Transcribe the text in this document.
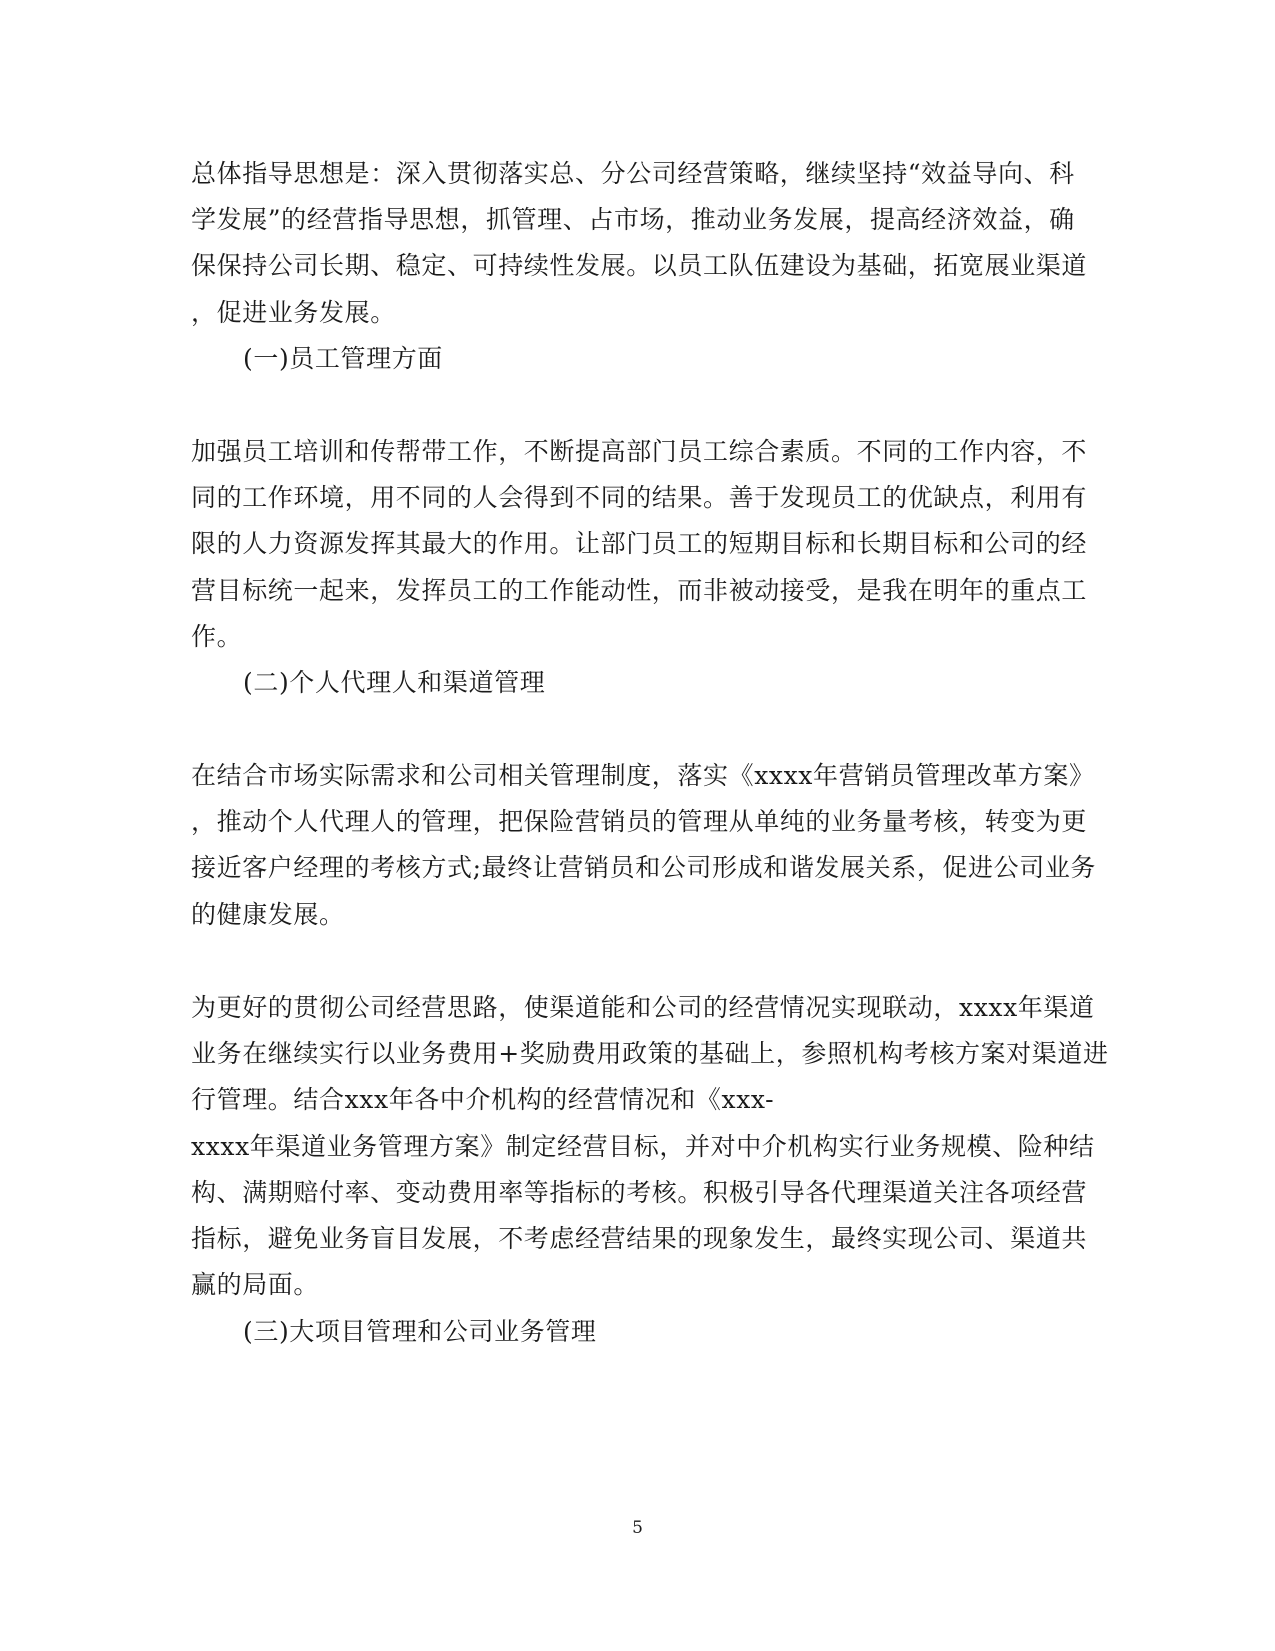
总体指导思想是：深入贯彻落实总、分公司经营策略，继续坚持“效益导向、科
学发展”的经营指导思想，抓管理、占市场，推动业务发展，提高经济效益，确
保保持公司长期、稳定、可持续性发展。以员工队伍建设为基础，拓宽展业渠道
，促进业务发展。
(一)员工管理方面
加强员工培训和传帮带工作，不断提高部门员工综合素质。不同的工作内容，不
同的工作环境，用不同的人会得到不同的结果。善于发现员工的优缺点，利用有
限的人力资源发挥其最大的作用。让部门员工的短期目标和长期目标和公司的经
营目标统一起来，发挥员工的工作能动性，而非被动接受，是我在明年的重点工
作。
(二)个人代理人和渠道管理
在结合市场实际需求和公司相关管理制度，落实《xxxx年营销员管理改革方案》
，推动个人代理人的管理，把保险营销员的管理从单纯的业务量考核，转变为更
接近客户经理的考核方式;最终让营销员和公司形成和谐发展关系，促进公司业务
的健康发展。
为更好的贯彻公司经营思路，使渠道能和公司的经营情况实现联动，xxxx年渠道
业务在继续实行以业务费用+奖励费用政策的基础上，参照机构考核方案对渠道进
行管理。结合xxx年各中介机构的经营情况和《xxx-
xxxx年渠道业务管理方案》制定经营目标，并对中介机构实行业务规模、险种结
构、满期赔付率、变动费用率等指标的考核。积极引导各代理渠道关注各项经营
指标，避免业务盲目发展，不考虑经营结果的现象发生，最终实现公司、渠道共
赢的局面。
(三)大项目管理和公司业务管理
5
